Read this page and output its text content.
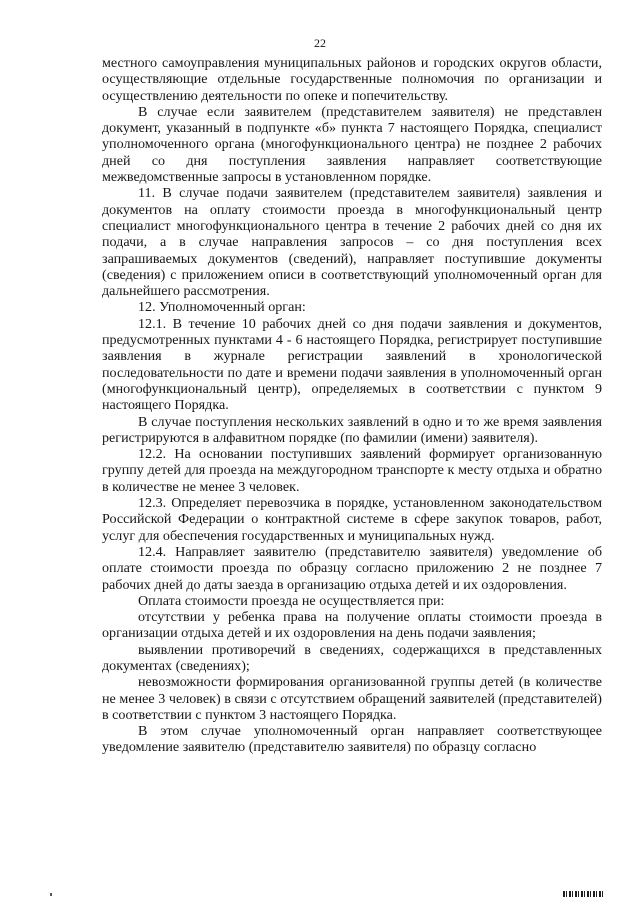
22

местного самоуправления муниципальных районов и городских округов области, осуществляющие отдельные государственные полномочия по организации и осуществлению деятельности по опеке и попечительству.

В случае если заявителем (представителем заявителя) не представлен документ, указанный в подпункте «б» пункта 7 настоящего Порядка, специалист уполномоченного органа (многофункционального центра) не позднее 2 рабочих дней со дня поступления заявления направляет соответствующие межведомственные запросы в установленном порядке.

11. В случае подачи заявителем (представителем заявителя) заявления и документов на оплату стоимости проезда в многофункциональный центр специалист многофункционального центра в течение 2 рабочих дней со дня их подачи, а в случае направления запросов – со дня поступления всех запрашиваемых документов (сведений), направляет поступившие документы (сведения) с приложением описи в соответствующий уполномоченный орган для дальнейшего рассмотрения.

12. Уполномоченный орган:

12.1. В течение 10 рабочих дней со дня подачи заявления и документов, предусмотренных пунктами 4 - 6 настоящего Порядка, регистрирует поступившие заявления в журнале регистрации заявлений в хронологической последовательности по дате и времени подачи заявления в уполномоченный орган (многофункциональный центр), определяемых в соответствии с пунктом 9 настоящего Порядка.

В случае поступления нескольких заявлений в одно и то же время заявления регистрируются в алфавитном порядке (по фамилии (имени) заявителя).

12.2. На основании поступивших заявлений формирует организованную группу детей для проезда на междугородном транспорте к месту отдыха и обратно в количестве не менее 3 человек.

12.3. Определяет перевозчика в порядке, установленном законодательством Российской Федерации о контрактной системе в сфере закупок товаров, работ, услуг для обеспечения государственных и муниципальных нужд.

12.4. Направляет заявителю (представителю заявителя) уведомление об оплате стоимости проезда по образцу согласно приложению 2 не позднее 7 рабочих дней до даты заезда в организацию отдыха детей и их оздоровления.

Оплата стоимости проезда не осуществляется при:

отсутствии у ребенка права на получение оплаты стоимости проезда в организации отдыха детей и их оздоровления на день подачи заявления;

выявлении противоречий в сведениях, содержащихся в представленных документах (сведениях);

невозможности формирования организованной группы детей (в количестве не менее 3 человек) в связи с отсутствием обращений заявителей (представителей) в соответствии с пунктом 3 настоящего Порядка.

В этом случае уполномоченный орган направляет соответствующее уведомление заявителю (представителю заявителя) по образцу согласно
